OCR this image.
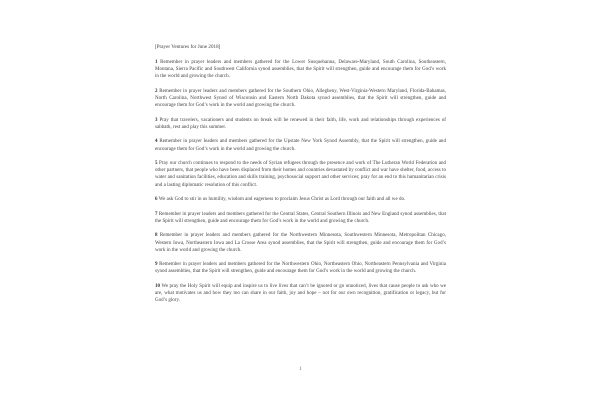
[Prayer Ventures for June 2018]

1 Remember in prayer leaders and members gathered for the Lower Susquehanna, Delaware-Maryland, South Carolina, Southeastern, Montana, Sierra Pacific and Southwest California synod assemblies, that the Spirit will strengthen, guide and encourage them for God’s work in the world and growing the church.

2 Remember in prayer leaders and members gathered for the Southern Ohio, Allegheny, West-Virginia-Western Maryland, Florida-Bahamas, North Carolina, Northwest Synod of Wisconsin and Eastern North Dakota synod assemblies, that the Spirit will strengthen, guide and encourage them for God’s work in the world and growing the church.

3 Pray that travelers, vacationers and students on break will be renewed in their faith, life, work and relationships through experiences of sabbath, rest and play this summer.

4 Remember in prayer leaders and members gathered for the Upstate New York Synod Assembly, that the Spirit will strengthen, guide and encourage them for God’s work in the world and growing the church.

5 Pray our church continues to respond to the needs of Syrian refugees through the presence and work of The Lutheran World Federation and other partners, that people who have been displaced from their homes and countries devastated by conflict and war have shelter, food, access to water and sanitation facilities, education and skills training, psychosocial support and other services; pray for an end to this humanitarian crisis and a lasting diplomatic resolution of this conflict.

6 We ask God to stir in us humility, wisdom and eagerness to proclaim Jesus Christ as Lord through our faith and all we do.

7 Remember in prayer leaders and members gathered for the Central States, Central Southern Illinois and New England synod assemblies, that the Spirit will strengthen, guide and encourage them for God’s work in the world and growing the church.

8 Remember in prayer leaders and members gathered for the Northwestern Minnesota, Southwestern Minnesota, Metropolitan Chicago, Western Iowa, Northeastern Iowa and La Crosse Area synod assemblies, that the Spirit will strengthen, guide and encourage them for God’s work in the world and growing the church.

9 Remember in prayer leaders and members gathered for the Northwestern Ohio, Northeastern Ohio, Northeastern Pennsylvania and Virginia synod assemblies, that the Spirit will strengthen, guide and encourage them for God’s work in the world and growing the church.

10 We pray the Holy Spirit will equip and inspire us to live lives that can’t be ignored or go unnoticed, lives that cause people to ask who we are, what motivates us and how they too can share in our faith, joy and hope – not for our own recognition, gratification or legacy, but for God’s glory.

1
